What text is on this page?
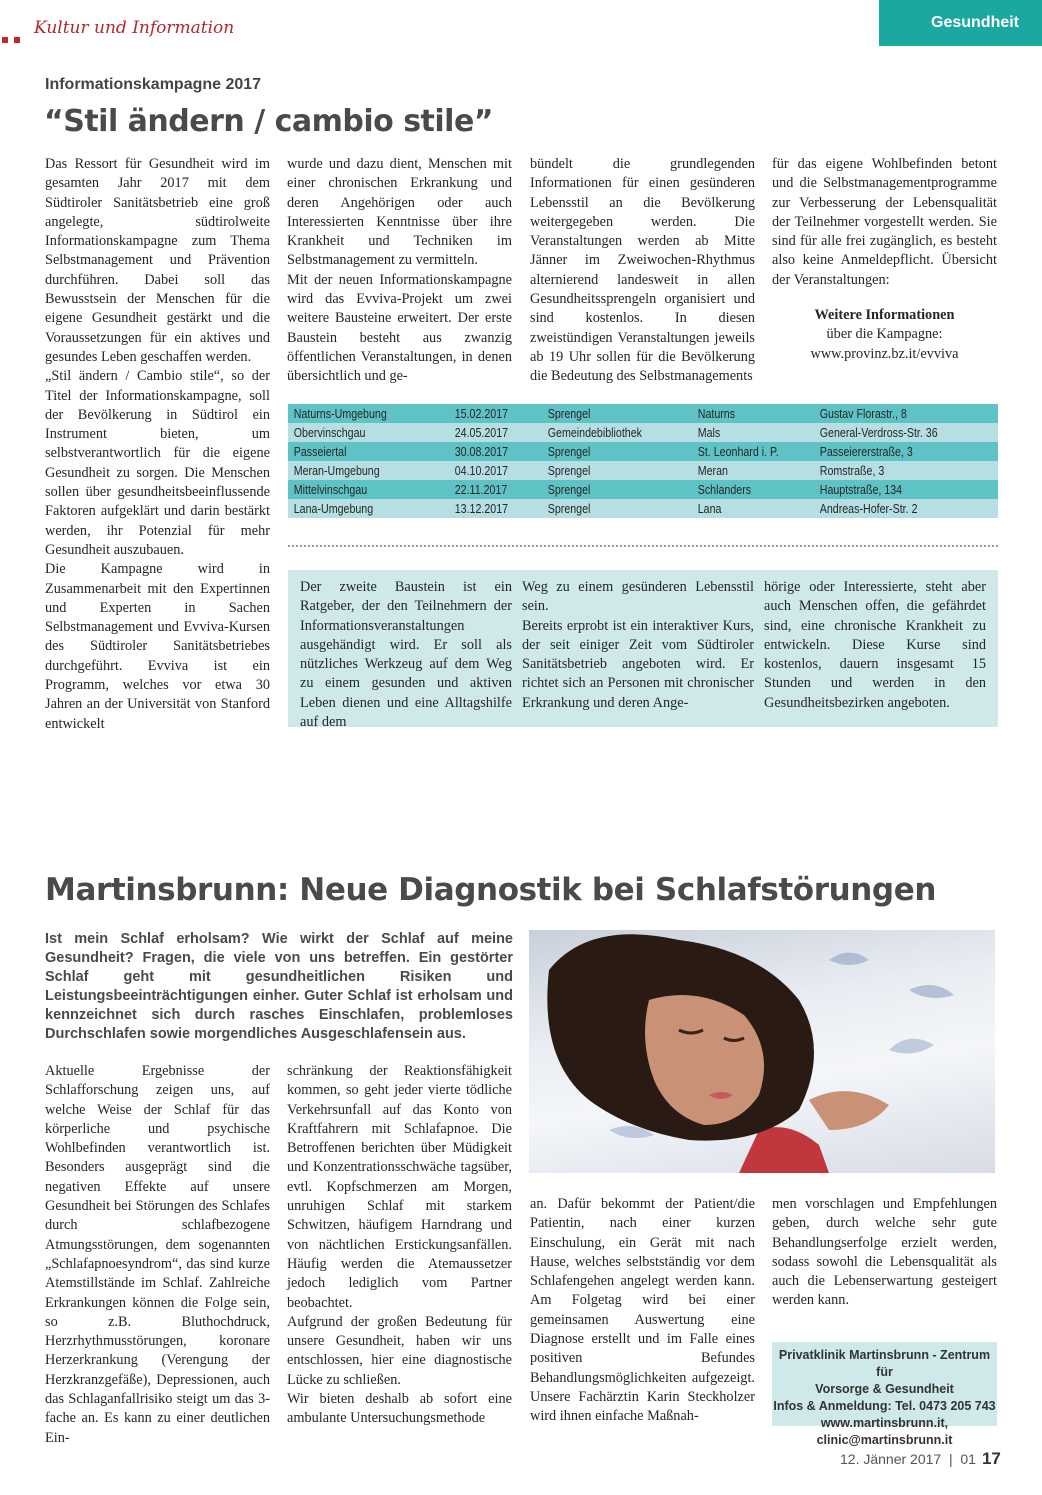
Kultur und Information	Gesundheit
Informationskampagne 2017
“Stil ändern / cambio stile”

Das Ressort für Gesundheit wird im gesamten Jahr 2017 mit dem Südtiroler Sanitätsbetrieb eine groß angelegte, südtirolweite Informationskampagne zum Thema Selbstmanagement und Prävention durchführen. Dabei soll das Bewusstsein der Menschen für die eigene Gesundheit gestärkt und die Voraussetzungen für ein aktives und gesundes Leben geschaffen werden.

„Stil ändern / Cambio stile“, so der Titel der Informationskampagne, soll der Bevölkerung in Südtirol ein Instrument bieten, um selbstverantwortlich für die eigene Gesundheit zu sorgen. Die Menschen sollen über gesundheitsbeeinflussende Faktoren aufgeklärt und darin bestärkt werden, ihr Potenzial für mehr Gesundheit auszubauen.

Die Kampagne wird in Zusammenarbeit mit den Expertinnen und Experten in Sachen Selbstmanagement und Evviva-Kursen des Südtiroler Sanitätsbetriebes durchgeführt. Evviva ist ein Programm, welches vor etwa 30 Jahren an der Universität von Stanford entwickelt

wurde und dazu dient, Menschen mit einer chronischen Erkrankung und deren Angehörigen oder auch Interessierten Kenntnisse über ihre Krankheit und Techniken im Selbstmanagement zu vermitteln.

Mit der neuen Informationskampagne wird das Evviva-Projekt um zwei weitere Bausteine erweitert. Der erste Baustein besteht aus zwanzig öffentlichen Veranstaltungen, in denen übersichtlich und ge-

bündelt die grundlegenden Informationen für einen gesünderen Lebensstil an die Bevölkerung weitergegeben werden. Die Veranstaltungen werden ab Mitte Jänner im Zweiwochen-Rhythmus alternierend landesweit in allen Gesundheitssprengeln organisiert und sind kostenlos. In diesen zweistündigen Veranstaltungen jeweils ab 19 Uhr sollen für die Bevölkerung die Bedeutung des Selbstmanagements

für das eigene Wohlbefinden betont und die Selbstmanagementprogramme zur Verbesserung der Lebensqualität der Teilnehmer vorgestellt werden. Sie sind für alle frei zugänglich, es besteht also keine Anmeldepflicht. Übersicht der Veranstaltungen:

Weitere Informationen
über die Kampagne:
www.provinz.bz.it/evviva
Naturns-Umgebung	15.02.2017	Sprengel	Naturns	Gustav Florastr., 8
Obervinschgau	24.05.2017	Gemeindebibliothek	Mals	General-Verdross-Str. 36
Passeiertal	30.08.2017	Sprengel	St. Leonhard i. P.	Passeiererstraße, 3
Meran-Umgebung	04.10.2017	Sprengel	Meran	Romstraße, 3
Mittelvinschgau	22.11.2017	Sprengel	Schlanders	Hauptstraße, 134
Lana-Umgebung	13.12.2017	Sprengel	Lana	Andreas-Hofer-Str. 2
Der zweite Baustein ist ein Ratgeber, der den Teilnehmern der Informationsveranstaltungen ausgehändigt wird. Er soll als nützliches Werkzeug auf dem Weg zu einem gesunden und aktiven Leben dienen und eine Alltagshilfe auf dem

Weg zu einem gesünderen Lebensstil sein.

Bereits erprobt ist ein interaktiver Kurs, der seit einiger Zeit vom Südtiroler Sanitätsbetrieb angeboten wird. Er richtet sich an Personen mit chronischer Erkrankung und deren Ange-

hörige oder Interessierte, steht aber auch Menschen offen, die gefährdet sind, eine chronische Krankheit zu entwickeln. Diese Kurse sind kostenlos, dauern insgesamt 15 Stunden und werden in den Gesundheitsbezirken angeboten.
Martinsbrunn: Neue Diagnostik bei Schlafstörungen
Ist mein Schlaf erholsam? Wie wirkt der Schlaf auf meine Gesundheit? Fragen, die viele von uns betreffen. Ein gestörter Schlaf geht mit gesundheitlichen Risiken und Leistungsbeeinträchtigungen einher. Guter Schlaf ist erholsam und kennzeichnet sich durch rasches Einschlafen, problemloses Durchschlafen sowie morgendliches Ausgeschlafensein aus.
Aktuelle Ergebnisse der Schlafforschung zeigen uns, auf welche Weise der Schlaf für das körperliche und psychische Wohlbefinden verantwortlich ist. Besonders ausgeprägt sind die negativen Effekte auf unsere Gesundheit bei Störungen des Schlafes durch schlafbezogene Atmungsstörungen, dem sogenannten „Schlafapnoesyndrom“, das sind kurze Atemstillstände im Schlaf. Zahlreiche Erkrankungen können die Folge sein, so z.B. Bluthochdruck, Herzrhythmusstörungen, koronare Herzerkrankung (Verengung der Herzkranzgefäße), Depressionen, auch das Schlaganfallrisiko steigt um das 3-fache an. Es kann zu einer deutlichen Ein-

schränkung der Reaktionsfähigkeit kommen, so geht jeder vierte tödliche Verkehrsunfall auf das Konto von Kraftfahrern mit Schlafapnoe. Die Betroffenen berichten über Müdigkeit und Konzentrationsschwäche tagsüber, evtl. Kopfschmerzen am Morgen, unruhigen Schlaf mit starkem Schwitzen, häufigem Harndrang und von nächtlichen Erstickungsanfällen. Häufig werden die Atemaussetzer jedoch lediglich vom Partner beobachtet.

Aufgrund der großen Bedeutung für unsere Gesundheit, haben wir uns entschlossen, hier eine diagnostische Lücke zu schließen.

Wir bieten deshalb ab sofort eine ambulante Untersuchungsmethode

an. Dafür bekommt der Patient/die Patientin, nach einer kurzen Einschulung, ein Gerät mit nach Hause, welches selbstständig vor dem Schlafengehen angelegt werden kann. Am Folgetag wird bei einer gemeinsamen Auswertung eine Diagnose erstellt und im Falle eines positiven Befundes Behandlungsmöglichkeiten aufgezeigt. Unsere Fachärztin Karin Steckholzer wird ihnen einfache Maßnah-
men vorschlagen und Empfehlungen geben, durch welche sehr gute Behandlungserfolge erzielt werden, sodass sowohl die Lebensqualität als auch die Lebenserwartung gesteigert werden kann.
Privatklinik Martinsbrunn - Zentrum für
Vorsorge & Gesundheit
Infos & Anmeldung: Tel. 0473 205 743
www.martinsbrunn.it, clinic@martinsbrunn.it
12. Jänner 2017  |  01 17
